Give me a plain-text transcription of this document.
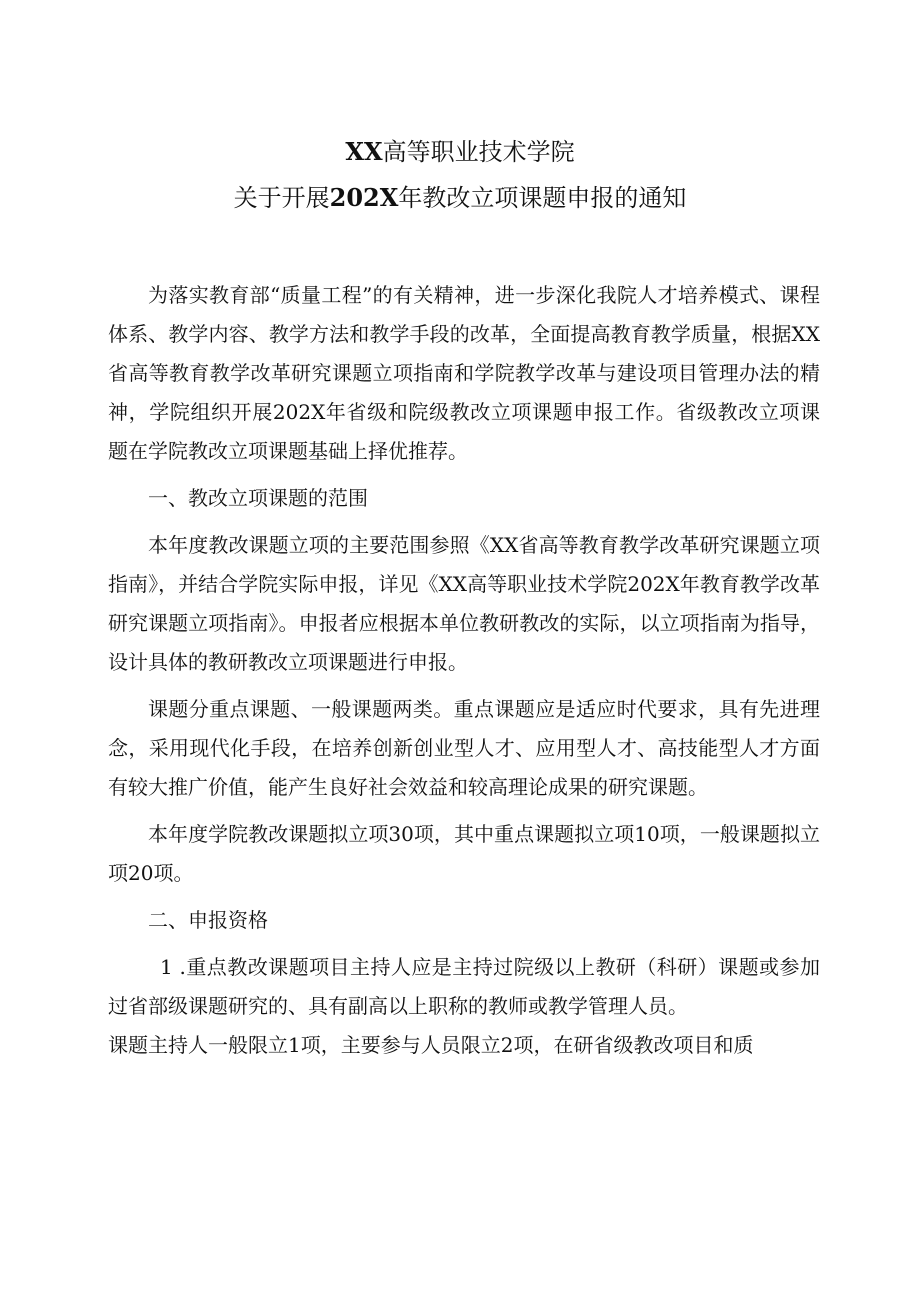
XX高等职业技术学院
关于开展202X年教改立项课题申报的通知

为落实教育部“质量工程”的有关精神，进一步深化我院人才培养模式、课程体系、教学内容、教学方法和教学手段的改革，全面提高教育教学质量，根据XX省高等教育教学改革研究课题立项指南和学院教学改革与建设项目管理办法的精神，学院组织开展202X年省级和院级教改立项课题申报工作。省级教改立项课题在学院教改立项课题基础上择优推荐。

一、教改立项课题的范围

本年度教改课题立项的主要范围参照《XX省高等教育教学改革研究课题立项指南》，并结合学院实际申报，详见《XX高等职业技术学院202X年教育教学改革研究课题立项指南》。申报者应根据本单位教研教改的实际，以立项指南为指导，设计具体的教研教改立项课题进行申报。

课题分重点课题、一般课题两类。重点课题应是适应时代要求，具有先进理念，采用现代化手段，在培养创新创业型人才、应用型人才、高技能型人才方面有较大推广价值，能产生良好社会效益和较高理论成果的研究课题。

本年度学院教改课题拟立项30项，其中重点课题拟立项10项，一般课题拟立项20项。

二、申报资格

1 .重点教改课题项目主持人应是主持过院级以上教研（科研）课题或参加过省部级课题研究的、具有副高以上职称的教师或教学管理人员。

课题主持人一般限立1项，主要参与人员限立2项，在研省级教改项目和质
